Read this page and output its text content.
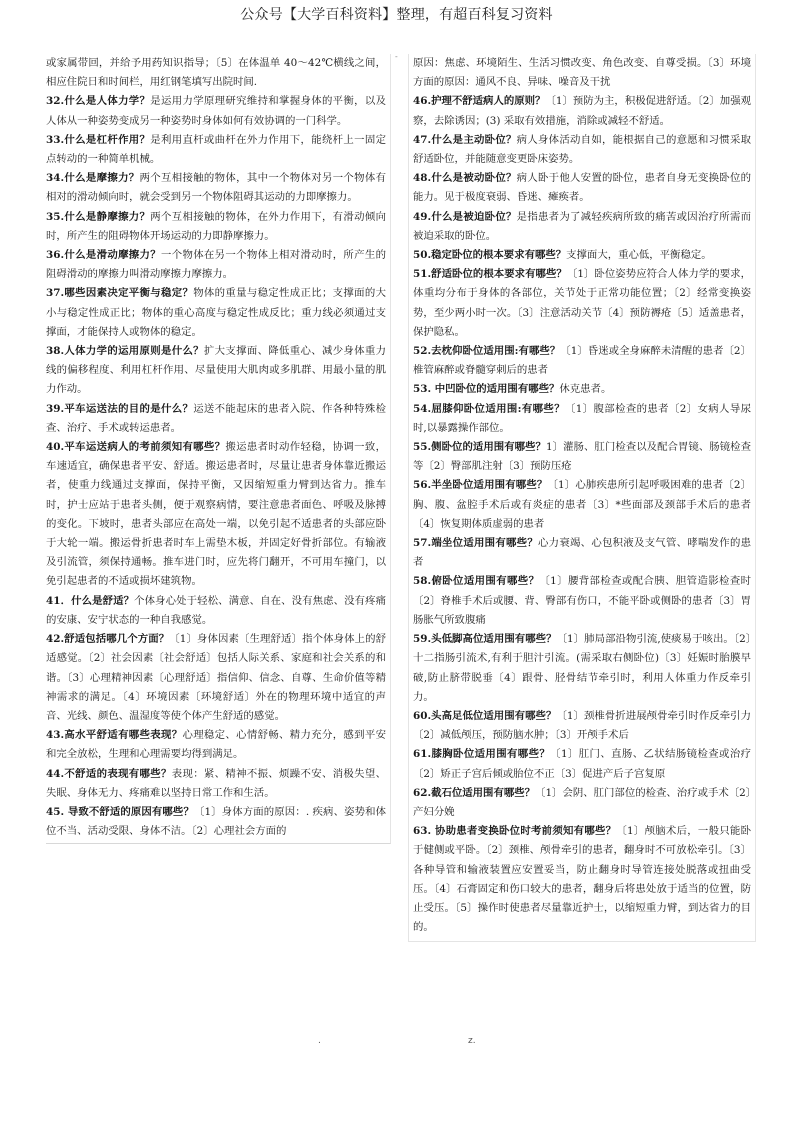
公众号【大学百科资料】整理，有超百科复习资料
-

或家属带回，并给予用药知识指导；〔5〕在体温单 40～42℃横线之间，相应住院日和时间栏，用红钢笔填写出院时间.

32.什么是人体力学？是运用力学原理研究维持和掌握身体的平衡，以及人体从一种姿势变成另一种姿势时身体如何有效协调的一门科学。

33.什么是杠杆作用？是利用直杆或曲杆在外力作用下，能绕杆上一固定点转动的一种简单机械。

34.什么是摩擦力？两个互相接触的物体，其中一个物体对另一个物体有相对的滑动倾向时，就会受到另一个物体阻碍其运动的力即摩擦力。

35.什么是静摩擦力？两个互相接触的物体，在外力作用下，有滑动倾向时，所产生的阻碍物体开场运动的力即静摩擦力。

36.什么是滑动摩擦力？一个物体在另一个物体上相对滑动时，所产生的阻碍滑动的摩擦力叫滑动摩擦力摩擦力。

37.哪些因素决定平衡与稳定？物体的重量与稳定性成正比；支撑面的大小与稳定性成正比；物体的重心高度与稳定性成反比；重力线必须通过支撑面，才能保持人或物体的稳定。

38.人体力学的运用原则是什么？扩大支撑面、降低重心、减少身体重力线的偏移程度、利用杠杆作用、尽量使用大肌肉或多肌群、用最小量的肌力作动。

39.平车运送法的目的是什么？运送不能起床的患者入院、作各种特殊检查、治疗、手术或转运患者。

40.平车运送病人的考前须知有哪些？搬运患者时动作轻稳，协调一致，车速适宜，确保患者平安、舒适。搬运患者时，尽量让患者身体靠近搬运者，使重力线通过支撑面，保持平衡，又因缩短重力臂到达省力。推车时，护士应站于患者头侧，便于观察病情，要注意患者面色、呼吸及脉搏的变化。下坡时，患者头部应在高处一端，以免引起不适患者的头部应卧于大轮一端。搬运骨折患者时车上需垫木板，并固定好骨折部位。有输液及引流管，须保持通畅。推车进门时，应先将门翻开，不可用车撞门，以免引起患者的不适或损坏建筑物。

41．什么是舒适？个体身心处于轻松、满意、自在、没有焦虑、没有疼痛的安康、安宁状态的一种自我感觉。

42.舒适包括哪几个方面？〔1〕身体因素〔生理舒适〕指个体身体上的舒适感觉。〔2〕社会因素〔社会舒适〕包括人际关系、家庭和社会关系的和谐。〔3〕心理精神因素〔心理舒适〕指信仰、信念、自尊、生命价值等精神需求的满足。〔4〕环境因素〔环境舒适〕外在的物理环境中适宜的声音、光线、颜色、温湿度等使个体产生舒适的感觉。

43.高水平舒适有哪些表现？心理稳定、心情舒畅、精力充分，感到平安和完全放松，生理和心理需要均得到满足。

44.不舒适的表现有哪些？表现：紧、精神不振、烦躁不安、消极失望、失眠、身体无力、疼痛难以坚持日常工作和生活。

45. 导致不舒适的原因有哪些？〔1〕身体方面的原因：. 疾病、姿势和体位不当、活动受限、身体不洁。〔2〕心理社会方面的

原因：焦虑、环境陌生、生活习惯改变、角色改变、自尊受损。〔3〕环境方面的原因：通风不良、异味、噪音及干扰

46.护理不舒适病人的原则？〔1〕预防为主，积极促进舒适。〔2〕加强观察，去除诱因；(3) 采取有效措施，消除或减轻不舒适。

47.什么是主动卧位？病人身体活动自如，能根据自己的意愿和习惯采取舒适卧位，并能随意变更卧床姿势。

48.什么是被动卧位？病人卧于他人安置的卧位，患者自身无变换卧位的能力。见于极度衰弱、昏迷、瘫痪者。

49.什么是被迫卧位？是指患者为了减轻疾病所致的痛苦或因治疗所需而被迫采取的卧位。

50.稳定卧位的根本要求有哪些？支撑面大，重心低，平衡稳定。

51.舒适卧位的根本要求有哪些？〔1〕卧位姿势应符合人体力学的要求，体重均分布于身体的各部位，关节处于正常功能位置；〔2〕经常变换姿势，至少两小时一次。〔3〕注意活动关节〔4〕预防褥疮〔5〕适盖患者，保护隐私。

52.去枕仰卧位适用围:有哪些？〔1〕昏迷或全身麻醉未清醒的患者〔2〕椎管麻醉或脊髓穿刺后的患者

53. 中凹卧位的适用围有哪些？休克患者。

54.屈膝仰卧位适用围:有哪些？〔1〕腹部检查的患者〔2〕女病人导尿时,以暴露操作部位。

55.侧卧位的适用围有哪些？1〕灌肠、肛门检查以及配合胃镜、肠镜检查等〔2〕臀部肌注射〔3〕预防压疮

56.半坐卧位适用围有哪些？〔1〕心肺疾患所引起呼吸困难的患者〔2〕胸、腹、盆腔手术后或有炎症的患者〔3〕*些面部及颈部手术后的患者〔4〕恢复期体质虚弱的患者

57.端坐位适用围有哪些？心力衰竭、心包积液及支气管、哮喘发作的患者

58.俯卧位适用围有哪些？〔1〕腰背部检查或配合胰、胆管造影检查时〔2〕脊椎手术后或腰、背、臀部有伤口，不能平卧或侧卧的患者〔3〕胃肠胀气所致腹痛

59.头低脚高位适用围有哪些？〔1〕肺局部沿物引流,使痰易于咳出。〔2〕十二指肠引流术,有利于胆汁引流。(需采取右侧卧位)〔3〕妊娠时胎膜早破,防止脐带脱垂〔4〕跟骨、胫骨结节牵引时，利用人体重力作反牵引力。

60.头高足低位适用围有哪些？〔1〕颈椎骨折进展颅骨牵引时作反牵引力〔2〕减低颅压，预防脑水肿；〔3〕开颅手术后

61.膝胸卧位适用围有哪些？〔1〕肛门、直肠、乙状结肠镜检查或治疗〔2〕矫正子宫后倾或胎位不正〔3〕促进产后子宫复原

62.截石位适用围有哪些？〔1〕会阴、肛门部位的检查、治疗或手术〔2〕产妇分娩

63. 协助患者变换卧位时考前须知有哪些？〔1〕颅脑术后，一般只能卧于健侧或平卧。〔2〕颈椎、颅骨牵引的患者，翻身时不可放松牵引。〔3〕各种导管和输液装置应安置妥当，防止翻身时导管连接处脱落或扭曲受压。〔4〕石膏固定和伤口较大的患者，翻身后将患处放于适当的位置，防止受压。〔5〕操作时使患者尽量靠近护士，以缩短重力臂，到达省力的目的。

.	z.
